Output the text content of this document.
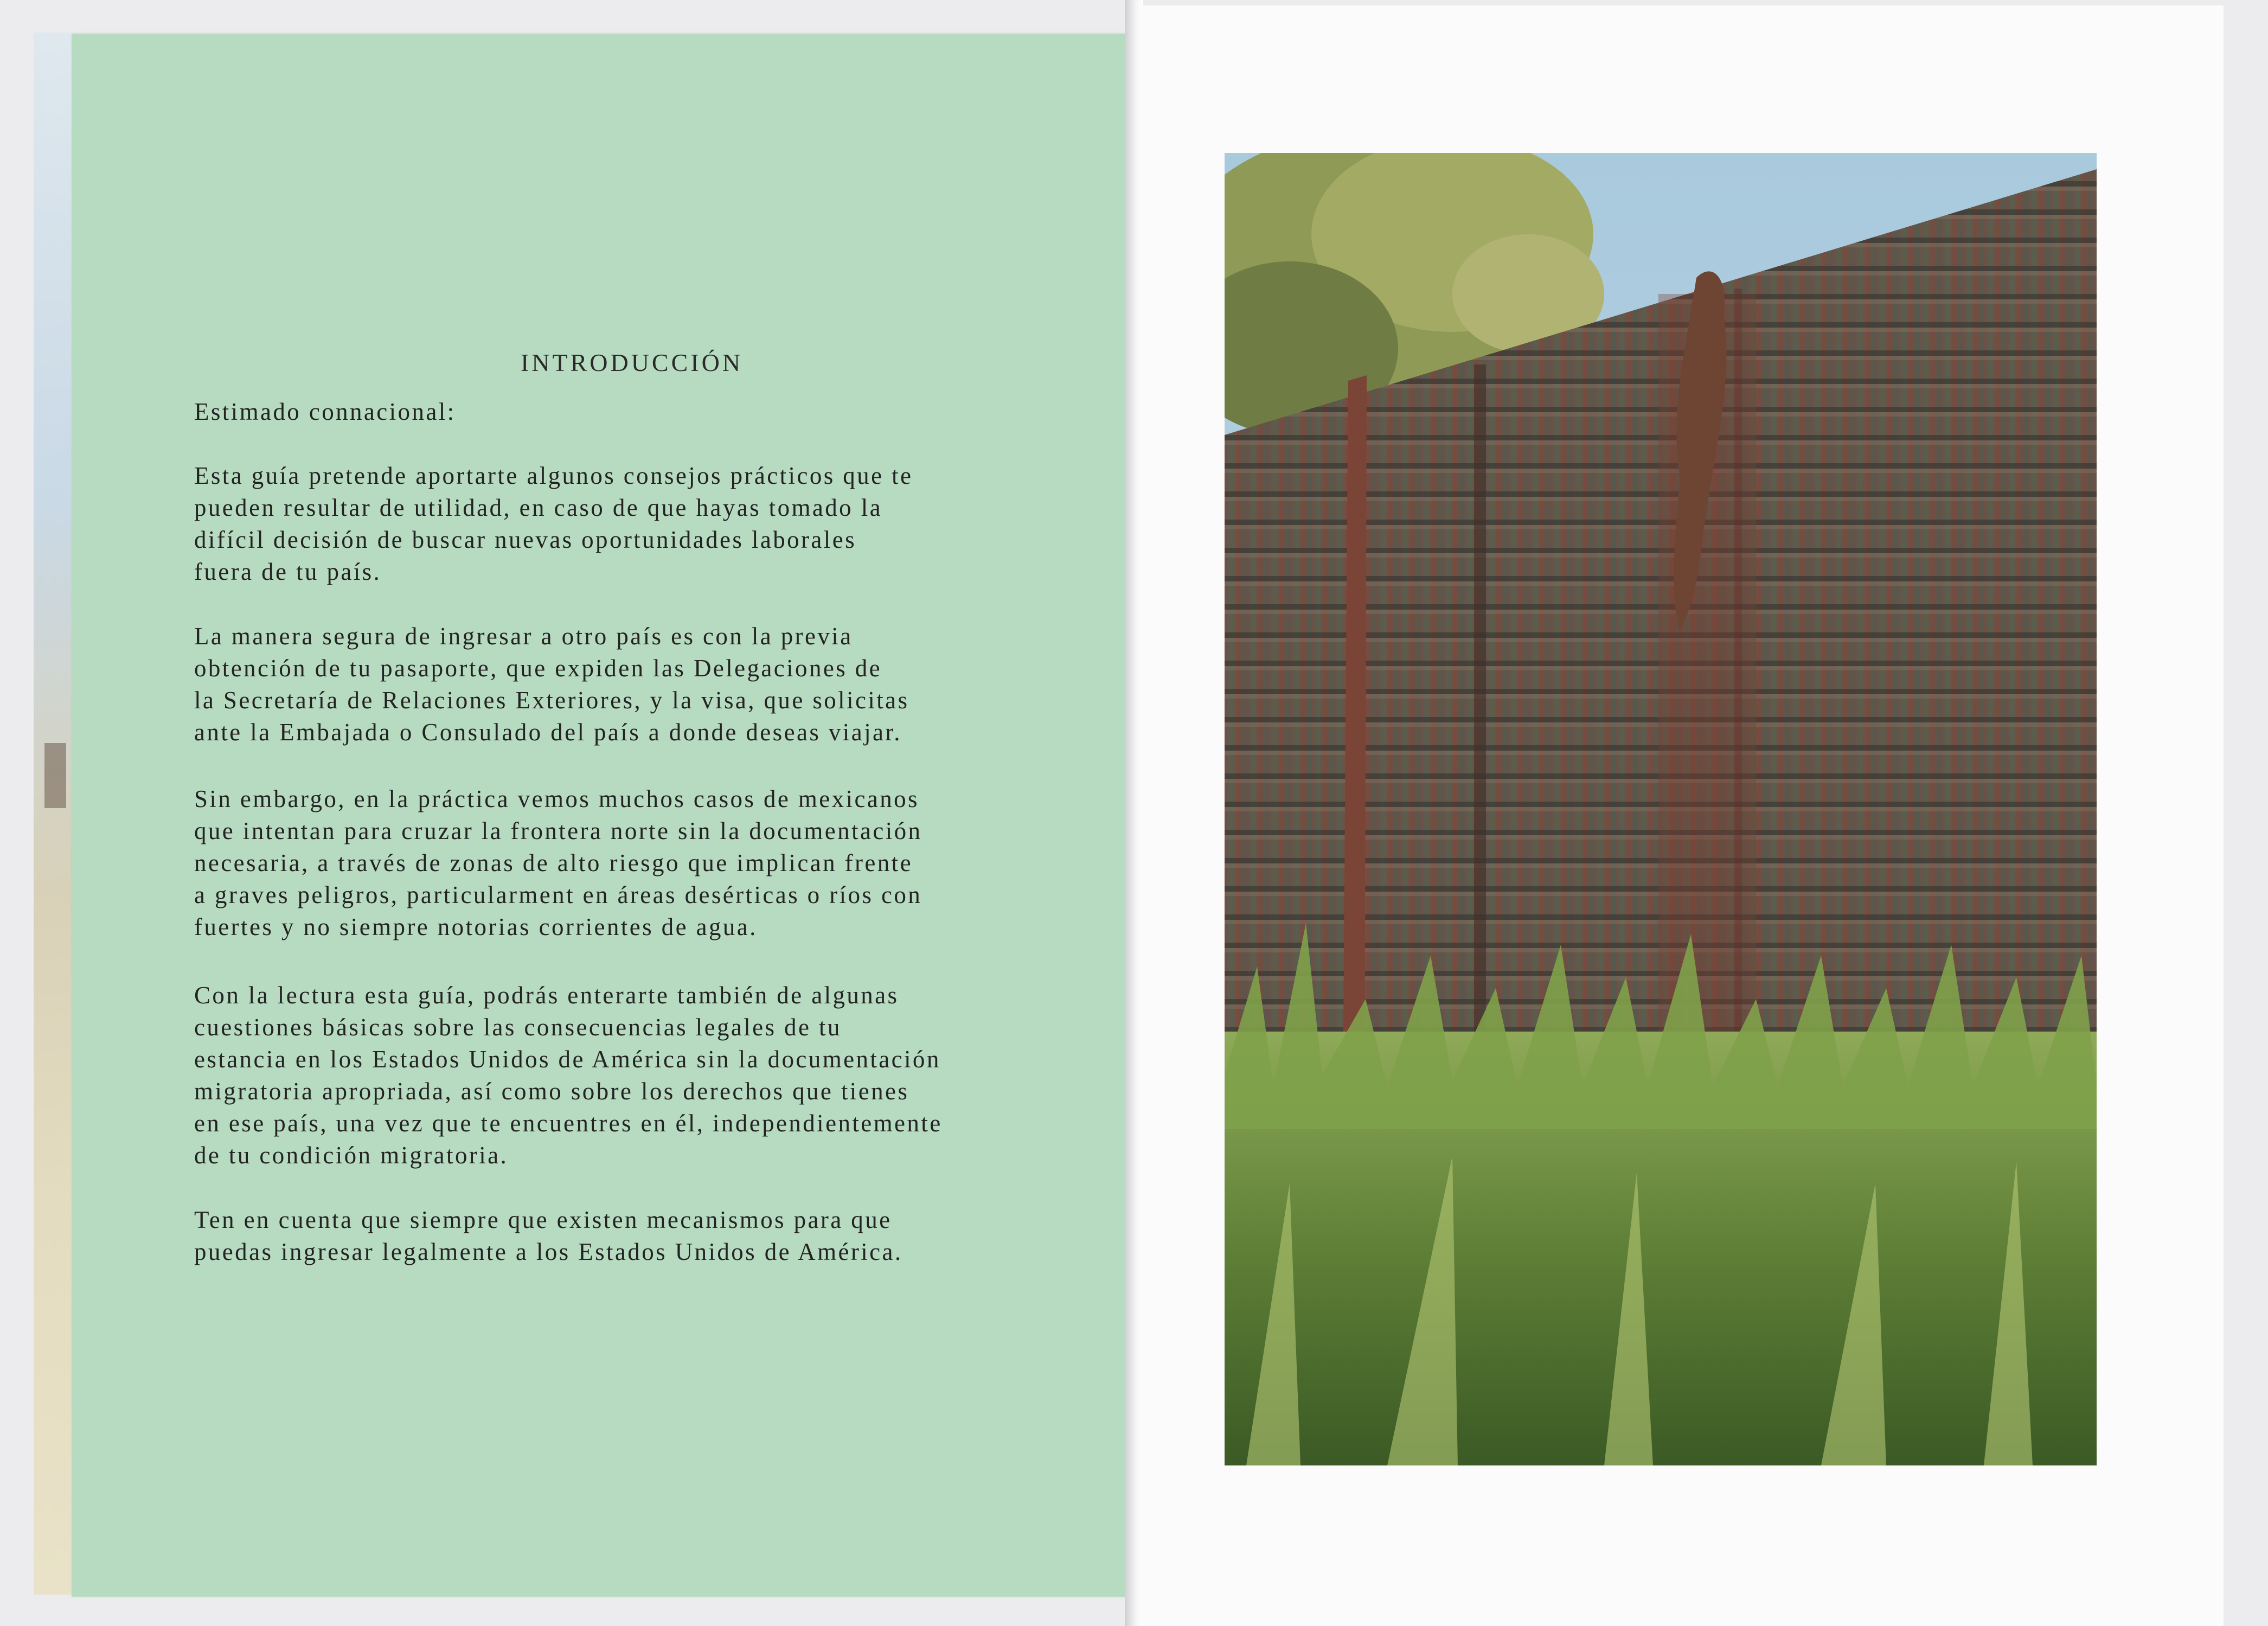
INTRODUCCIÓN

Estimado connacional:

Esta guía pretende aportarte algunos consejos prácticos que te
pueden resultar de utilidad, en caso de que hayas tomado la
difícil decisión de buscar nuevas oportunidades laborales
fuera de tu país.

La manera segura de ingresar a otro país es con la previa
obtención de tu pasaporte, que expiden las Delegaciones de
la Secretaría de Relaciones Exteriores, y la visa, que solicitas
ante la Embajada o Consulado del país a donde deseas viajar.

Sin embargo, en la práctica vemos muchos casos de mexicanos
que intentan para cruzar la frontera norte sin la documentación
necesaria, a través de zonas de alto riesgo que implican frente
a graves peligros, particularment en áreas desérticas o ríos con
fuertes y no siempre notorias corrientes de agua.

Con la lectura esta guía, podrás enterarte también de algunas
cuestiones básicas sobre las consecuencias legales de tu
estancia en los Estados Unidos de América sin la documentación
migratoria apropriada, así como sobre los derechos que tienes
en ese país, una vez que te encuentres en él, independientemente
de tu condición migratoria.

Ten en cuenta que siempre que existen mecanismos para que
puedas ingresar legalmente a los Estados Unidos de América.
